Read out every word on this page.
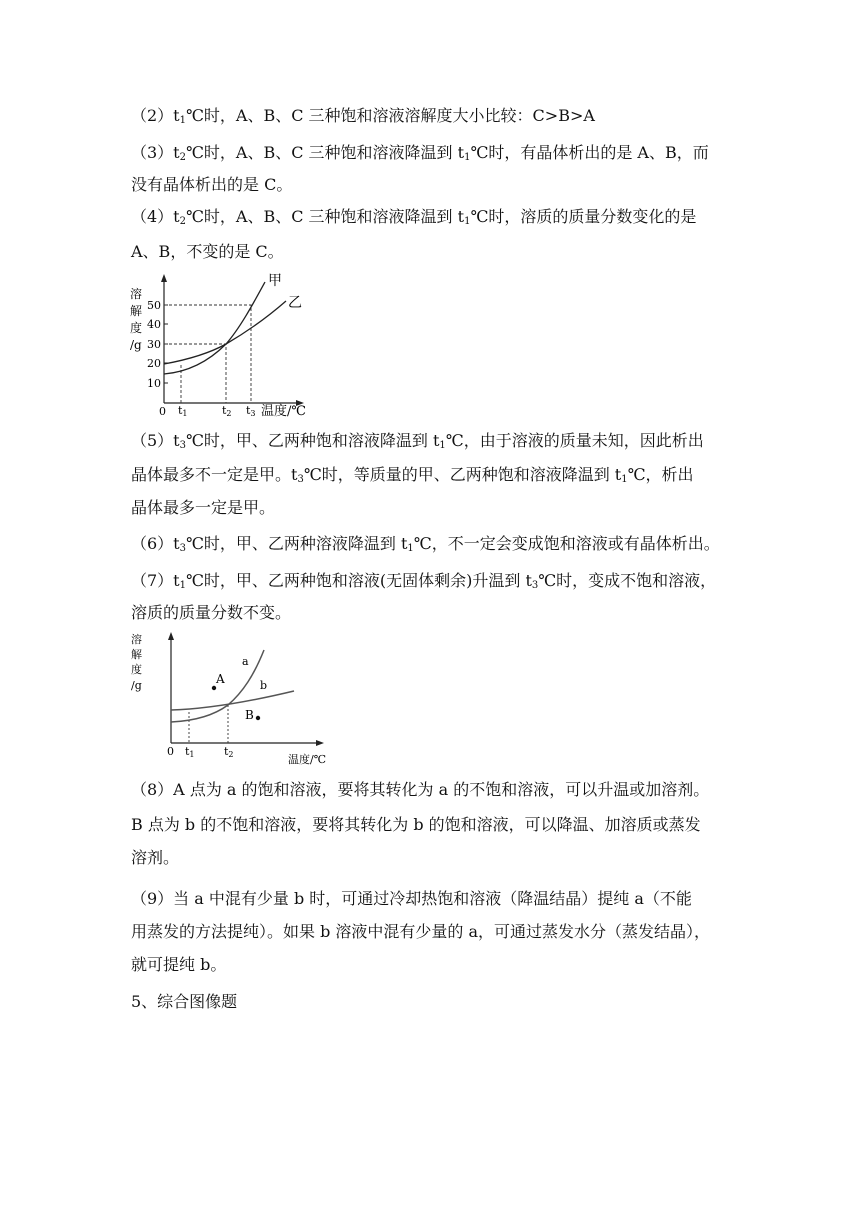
$(2)t_1℃$时，A、B、C 三种饱和溶液溶解度大小比较：C>B>A

$(3)t_2℃$时，A、B、C 三种饱和溶液降温到 $t_1℃$时，有晶体析出的是 A、B，而

没有晶体析出的是 C。

$(4)t_2℃$时，A、B、C 三种饱和溶液降温到 $t_1℃$时，溶质的质量分数变化的是

A、B，不变的是 C。

溶
解
度
/g
50
40
30
20
10
0 t1	t2 t3 温度/℃
甲
乙

$(5)t_3℃$时，甲、乙两种饱和溶液降温到 $t_1℃$，由于溶液的质量未知，因此析出

晶体最多不一定是甲。$t_3℃$时，等质量的甲、乙两种饱和溶液降温到 $t_1℃$，析出

晶体最多一定是甲。

$(6)t_3℃$时，甲、乙两种溶液降温到 $t_1℃$，不一定会变成饱和溶液或有晶体析出。

$(7)t_1℃$时，甲、乙两种饱和溶液(无固体剩余)升温到 $t_3℃$时，变成不饱和溶液，

溶质的质量分数不变。

溶
解
度
/g
0 t1	t2	温度/℃
a
b
A
B

（8）A 点为 a 的饱和溶液，要将其转化为 a 的不饱和溶液，可以升温或加溶剂。

B 点为 b 的不饱和溶液，要将其转化为 b 的饱和溶液，可以降温、加溶质或蒸发

溶剂。

（9）当 a 中混有少量 b 时，可通过冷却热饱和溶液（降温结晶）提纯 a（不能

用蒸发的方法提纯）。如果 b 溶液中混有少量的 a，可通过蒸发水分（蒸发结晶），

就可提纯 b。

5、综合图像题
